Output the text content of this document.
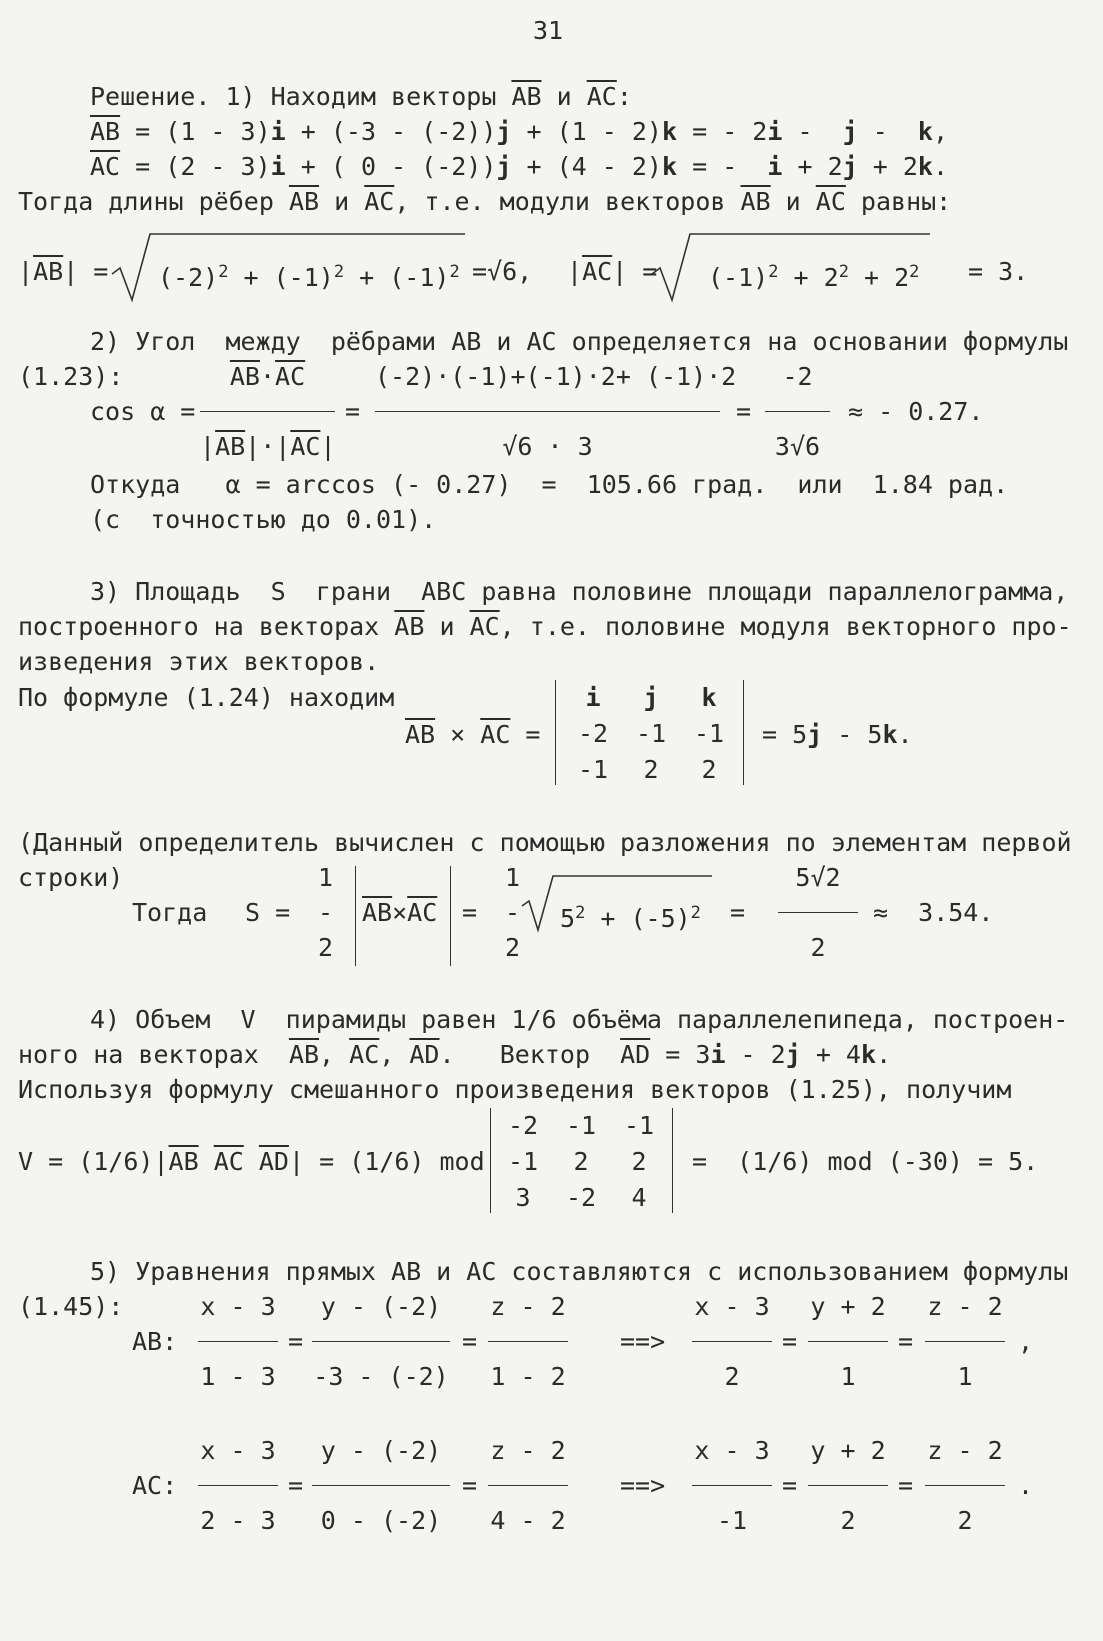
31
Решение. 1) Находим векторы $\overline{AB}$ и $\overline{AC}$:
$\overline{AB} = (1 - 3)i + (-3 - (-2))j + (1 - 2)k$ = - 2i -  j -  k,
$\overline{AC} = (2 - 3)i$ + ( 0 - (-2))j + (4 - 2)k = -  i + 2j + 2k.
Тогда длины рёбер $\overline{AB}$ и $\overline{AC}$, т.е. модули векторов $\overline{AB}$ и $\overline{AC}$ равны:
$|\overline{AB}| = (-2)^2 + (-1)^2 + (-1)^2 =√6$, $|\overline{AC}| = (-1)^2 + 2^2 + 2^2 = 3$.
2) Угол  между  рёбрами AB и AC определяется на основании формулы
(1.23):
cos α =
$\overline{AB}\cdot\overline{AC}$
$|\overline{AB}|\cdot|\overline{AC}|$
=
(-2)·(-1)+(-1)·2+ (-1)·2
√6 · 3
=
-2
3√6
≈ - 0.27.
Откуда   α = arccos (- 0.27)  =  105.66 град.  или  1.84 рад.
(с  точностью до 0.01).
3) Площадь  S  грани  ABC равна половине площади параллелограмма,
построенного на векторах $\overline{AB}$ и $\overline{AC}$, т.е. половине модуля векторного про-
изведения этих векторов.
По формуле (1.24) находим
$\overline{AB} \times \overline{AC}$ =
i	j	k
-2	-1	-1
-1	2	2
= 5j - 5k.
(Данный определитель вычислен с помощью разложения по элементам первой
строки)
Тогда S =
1
-
2
$\overline{AB}\times\overline{AC}$ =
1
-
2
$5^2 + (-5)^2$ =
5√2
2
≈  3.54.
4) Объем  V  пирамиды равен 1/6 объёма параллелепипеда, построен-
ного на векторах  $\overline{AB}$, $\overline{AC}$, $\overline{AD}$.   Вектор  $\overline{AD} = 3i - 2j + 4k$.
Используя формулу смешанного произведения векторов (1.25), получим
$V = (1/6)|\overline{AB}$ $\overline{AC}$ $\overline{AD}| = (1/6)$ mod
-2	-1	-1
-1	2	2
3	-2	4
=  (1/6) mod (-30) = 5.
5) Уравнения прямых AB и AC составляются с использованием формулы
(1.45):
AB:
AC:
x - 3
1 - 3
y - (-2)
-3 - (-2)
z - 2
1 - 2
=	=	==>
x - 3
2
y + 2
1
z - 2
1
=	=
x - 3
2 - 3
y - (-2)
0 - (-2)
z - 2
4 - 2
=	=	==>
x - 3
-1
y + 2
2
z - 2
2
=	=
,
.
